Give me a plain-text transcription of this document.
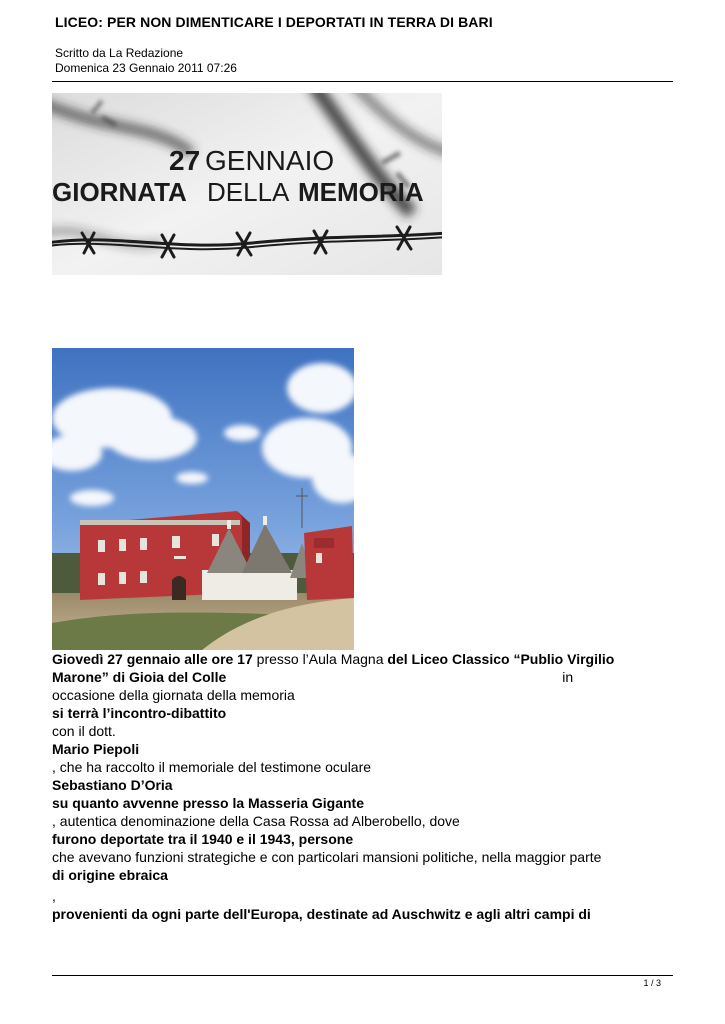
LICEO: PER NON DIMENTICARE I DEPORTATI IN TERRA DI BARI
Scritto da La Redazione
Domenica 23 Gennaio 2011 07:26
27 GENNAIO
GIORNATA DELLA MEMORIA

Giovedì 27 gennaio alle ore 17 presso l’Aula Magna del Liceo Classico “Publio Virgilio Marone” di Gioia del Colle	in

occasione della giornata della memoria

si terrà l’incontro-dibattito

con il dott.

Mario Piepoli

, che ha raccolto il memoriale del testimone oculare

Sebastiano D’Oria

su quanto avvenne presso la Masseria Gigante

, autentica denominazione della Casa Rossa ad Alberobello, dove

furono deportate tra il 1940 e il 1943, persone

che avevano funzioni strategiche e con particolari mansioni politiche, nella maggior parte

di origine ebraica

,

provenienti da ogni parte dell'Europa, destinate ad Auschwitz e agli altri campi di

1 / 3
